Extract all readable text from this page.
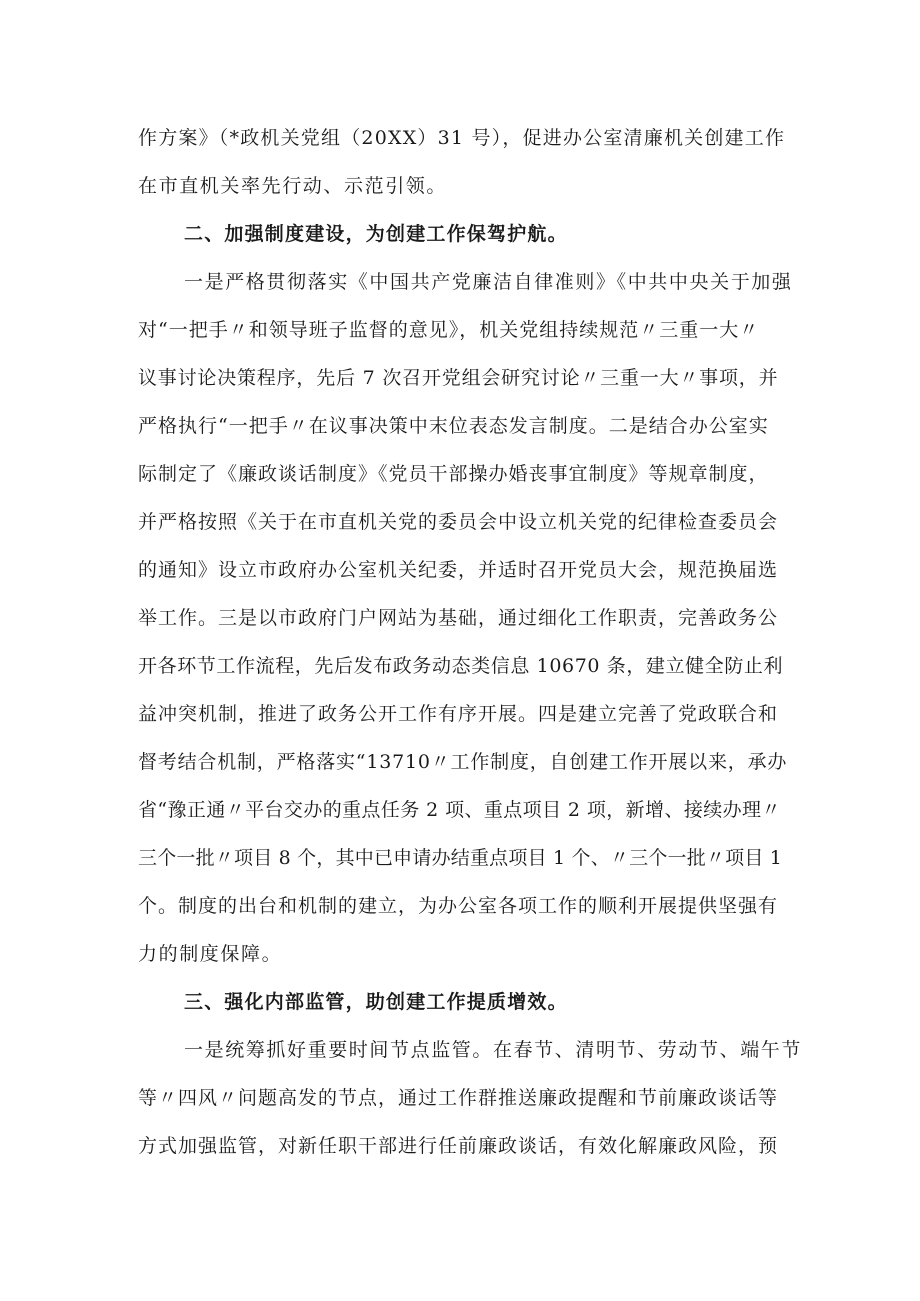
作方案》（*政机关党组（20XX）31 号），促进办公室清廉机关创建工作
在市直机关率先行动、示范引领。
二、加强制度建设，为创建工作保驾护航。
一是严格贯彻落实《中国共产党廉洁自律准则》《中共中央关于加强
对“一把手〃和领导班子监督的意见》，机关党组持续规范〃三重一大〃
议事讨论决策程序，先后 7 次召开党组会研究讨论〃三重一大〃事项，并
严格执行“一把手〃在议事决策中末位表态发言制度。二是结合办公室实
际制定了《廉政谈话制度》《党员干部操办婚丧事宜制度》等规章制度，
并严格按照《关于在市直机关党的委员会中设立机关党的纪律检查委员会
的通知》设立市政府办公室机关纪委，并适时召开党员大会，规范换届选
举工作。三是以市政府门户网站为基础，通过细化工作职责，完善政务公
开各环节工作流程，先后发布政务动态类信息 10670 条，建立健全防止利
益冲突机制，推进了政务公开工作有序开展。四是建立完善了党政联合和
督考结合机制，严格落实“13710〃工作制度，自创建工作开展以来，承办
省“豫正通〃平台交办的重点任务 2 项、重点项目 2 项，新增、接续办理〃
三个一批〃项目 8 个，其中已申请办结重点项目 1 个、〃三个一批〃项目 1
个。制度的出台和机制的建立，为办公室各项工作的顺利开展提供坚强有
力的制度保障。
三、强化内部监管，助创建工作提质增效。
一是统筹抓好重要时间节点监管。在春节、清明节、劳动节、端午节
等〃四风〃问题高发的节点，通过工作群推送廉政提醒和节前廉政谈话等
方式加强监管，对新任职干部进行任前廉政谈话，有效化解廉政风险，预
